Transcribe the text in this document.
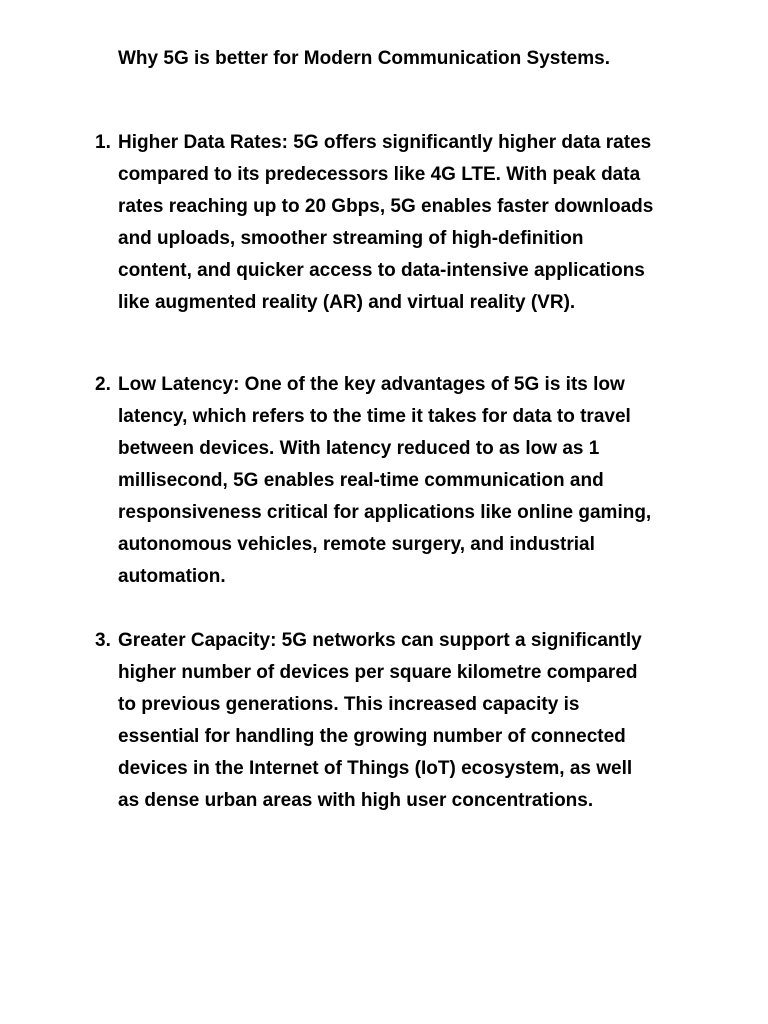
Why 5G is better for Modern Communication Systems.
1. Higher Data Rates: 5G offers significantly higher data rates
compared to its predecessors like 4G LTE. With peak data
rates reaching up to 20 Gbps, 5G enables faster downloads
and uploads, smoother streaming of high-definition
content, and quicker access to data-intensive applications
like augmented reality (AR) and virtual reality (VR).
2. Low Latency: One of the key advantages of 5G is its low
latency, which refers to the time it takes for data to travel
between devices. With latency reduced to as low as 1
millisecond, 5G enables real-time communication and
responsiveness critical for applications like online gaming,
autonomous vehicles, remote surgery, and industrial
automation.
3. Greater Capacity: 5G networks can support a significantly
higher number of devices per square kilometre compared
to previous generations. This increased capacity is
essential for handling the growing number of connected
devices in the Internet of Things (IoT) ecosystem, as well
as dense urban areas with high user concentrations.
